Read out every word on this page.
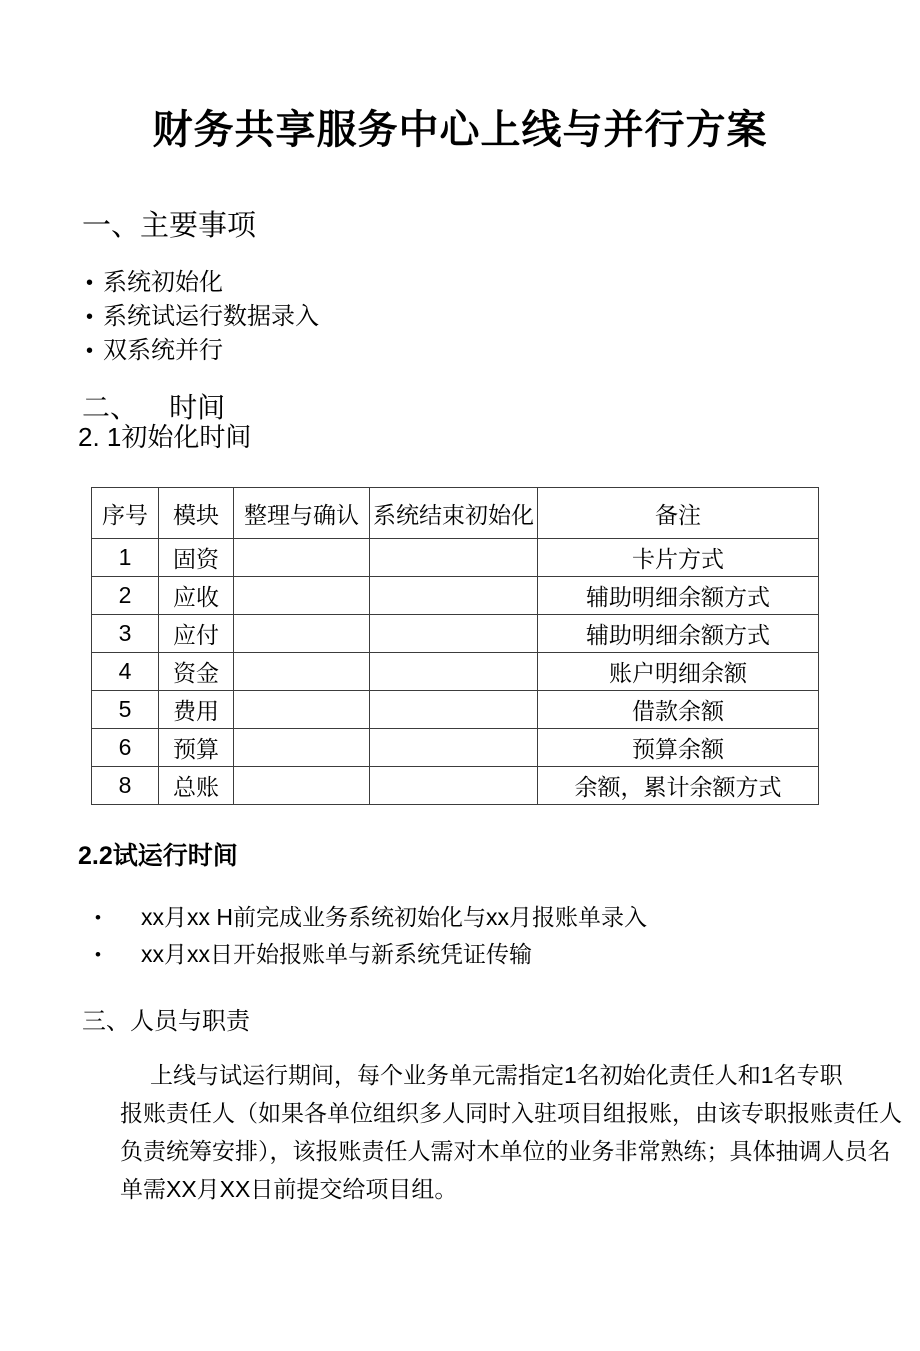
财务共享服务中心上线与并行方案
一、主要事项
• 系统初始化
• 系统试运行数据录入
• 双系统并行
二、    时间
2. 1初始化时间
序号	模块	整理与确认	系统结束初始化	备注
1	固资			卡片方式
2	应收			辅助明细余额方式
3	应付			辅助明细余额方式
4	资金			账户明细余额
5	费用			借款余额
6	预算			预算余额
8	总账			余额，累计余额方式
2.2试运行时间
• xx月xx H前完成业务系统初始化与xx月报账单录入
• xx月xx日开始报账单与新系统凭证传输
三、人员与职责
上线与试运行期间，每个业务单元需指定1名初始化责任人和1名专职
报账责任人（如果各单位组织多人同时入驻项目组报账，由该专职报账责任人
负责统筹安排），该报账责任人需对木单位的业务非常熟练；具体抽调人员名
单需XX月XX日前提交给项目组。
